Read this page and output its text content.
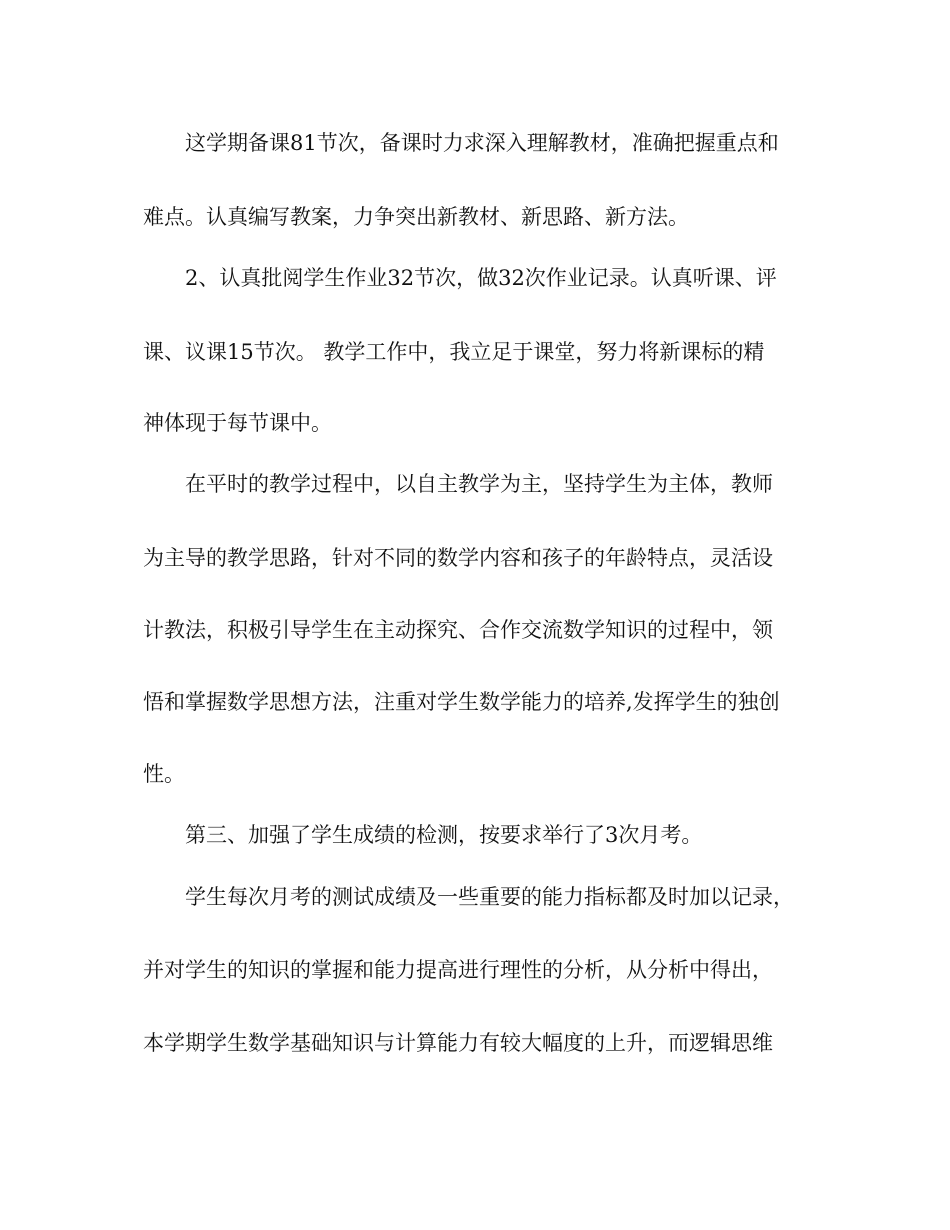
这学期备课81节次，备课时力求深入理解教材，准确把握重点和
难点。认真编写教案，力争突出新教材、新思路、新方法。
2、认真批阅学生作业32节次，做32次作业记录。认真听课、评
课、议课15节次。 教学工作中，我立足于课堂，努力将新课标的精
神体现于每节课中。
在平时的教学过程中，以自主教学为主，坚持学生为主体，教师
为主导的教学思路，针对不同的数学内容和孩子的年龄特点，灵活设
计教法，积极引导学生在主动探究、合作交流数学知识的过程中，领
悟和掌握数学思想方法，注重对学生数学能力的培养,发挥学生的独创
性。
第三、加强了学生成绩的检测，按要求举行了3次月考。
学生每次月考的测试成绩及一些重要的能力指标都及时加以记录，
并对学生的知识的掌握和能力提高进行理性的分析，从分析中得出，
本学期学生数学基础知识与计算能力有较大幅度的上升，而逻辑思维
